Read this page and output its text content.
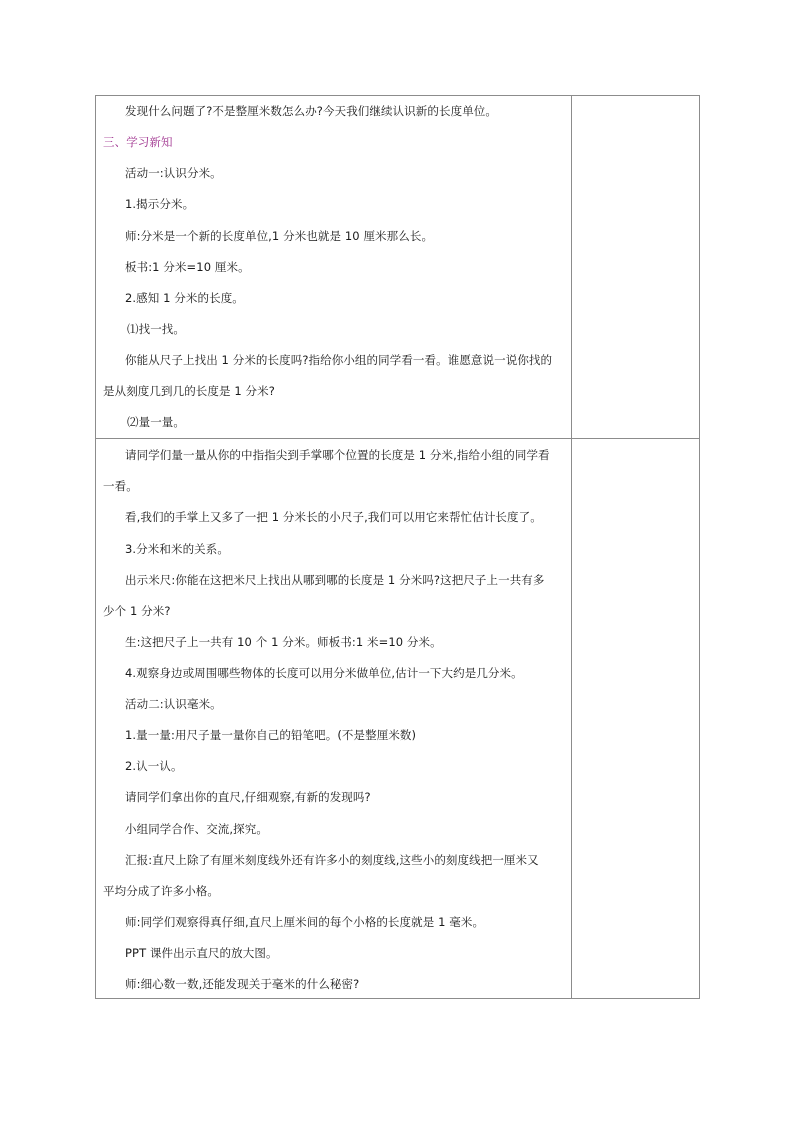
发现什么问题了?不是整厘米数怎么办?今天我们继续认识新的长度单位。
三、学习新知
活动一:认识分米。
1.揭示分米。
师:分米是一个新的长度单位,1 分米也就是 10 厘米那么长。
板书:1 分米=10 厘米。
2.感知 1 分米的长度。
⑴找一找。
你能从尺子上找出 1 分米的长度吗?指给你小组的同学看一看。谁愿意说一说你找的
是从刻度几到几的长度是 1 分米?
⑵量一量。
请同学们量一量从你的中指指尖到手掌哪个位置的长度是 1 分米,指给小组的同学看
一看。
看,我们的手掌上又多了一把 1 分米长的小尺子,我们可以用它来帮忙估计长度了。
3.分米和米的关系。
出示米尺:你能在这把米尺上找出从哪到哪的长度是 1 分米吗?这把尺子上一共有多
少个 1 分米?
生:这把尺子上一共有 10 个 1 分米。师板书:1 米=10 分米。
4.观察身边或周围哪些物体的长度可以用分米做单位,估计一下大约是几分米。
活动二:认识毫米。
1.量一量:用尺子量一量你自己的铅笔吧。(不是整厘米数)
2.认一认。
请同学们拿出你的直尺,仔细观察,有新的发现吗?
小组同学合作、交流,探究。
汇报:直尺上除了有厘米刻度线外还有许多小的刻度线,这些小的刻度线把一厘米又
平均分成了许多小格。
师:同学们观察得真仔细,直尺上厘米间的每个小格的长度就是 1 毫米。
PPT 课件出示直尺的放大图。
师:细心数一数,还能发现关于毫米的什么秘密?
